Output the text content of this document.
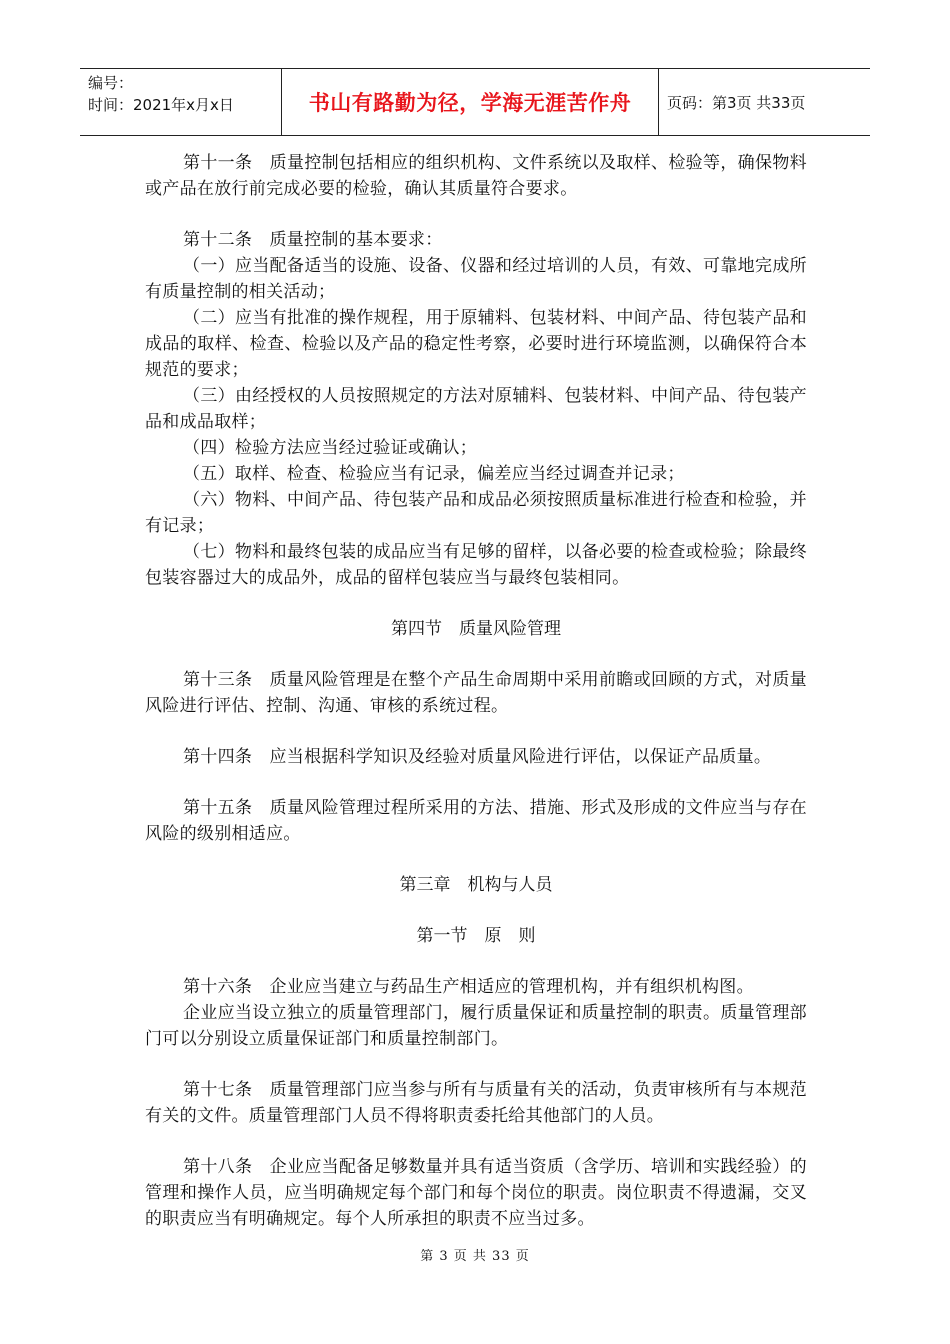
编号：
时间：2021年x月x日	书山有路勤为径，学海无涯苦作舟	页码：第3页 共33页

第十一条　质量控制包括相应的组织机构、文件系统以及取样、检验等，确保物料或产品在放行前完成必要的检验，确认其质量符合要求。

第十二条　质量控制的基本要求：

（一）应当配备适当的设施、设备、仪器和经过培训的人员，有效、可靠地完成所有质量控制的相关活动；

（二）应当有批准的操作规程，用于原辅料、包装材料、中间产品、待包装产品和成品的取样、检查、检验以及产品的稳定性考察，必要时进行环境监测，以确保符合本规范的要求；

（三）由经授权的人员按照规定的方法对原辅料、包装材料、中间产品、待包装产品和成品取样；

（四）检验方法应当经过验证或确认；

（五）取样、检查、检验应当有记录，偏差应当经过调查并记录；

（六）物料、中间产品、待包装产品和成品必须按照质量标准进行检查和检验，并有记录；

（七）物料和最终包装的成品应当有足够的留样，以备必要的检查或检验；除最终包装容器过大的成品外，成品的留样包装应当与最终包装相同。

第四节　质量风险管理

第十三条　质量风险管理是在整个产品生命周期中采用前瞻或回顾的方式，对质量风险进行评估、控制、沟通、审核的系统过程。

第十四条　应当根据科学知识及经验对质量风险进行评估，以保证产品质量。

第十五条　质量风险管理过程所采用的方法、措施、形式及形成的文件应当与存在风险的级别相适应。

第三章　机构与人员

第一节　原　则

第十六条　企业应当建立与药品生产相适应的管理机构，并有组织机构图。

企业应当设立独立的质量管理部门，履行质量保证和质量控制的职责。质量管理部门可以分别设立质量保证部门和质量控制部门。

第十七条　质量管理部门应当参与所有与质量有关的活动，负责审核所有与本规范有关的文件。质量管理部门人员不得将职责委托给其他部门的人员。

第十八条　企业应当配备足够数量并具有适当资质（含学历、培训和实践经验）的管理和操作人员，应当明确规定每个部门和每个岗位的职责。岗位职责不得遗漏，交叉的职责应当有明确规定。每个人所承担的职责不应当过多。

第 3 页 共 33 页
